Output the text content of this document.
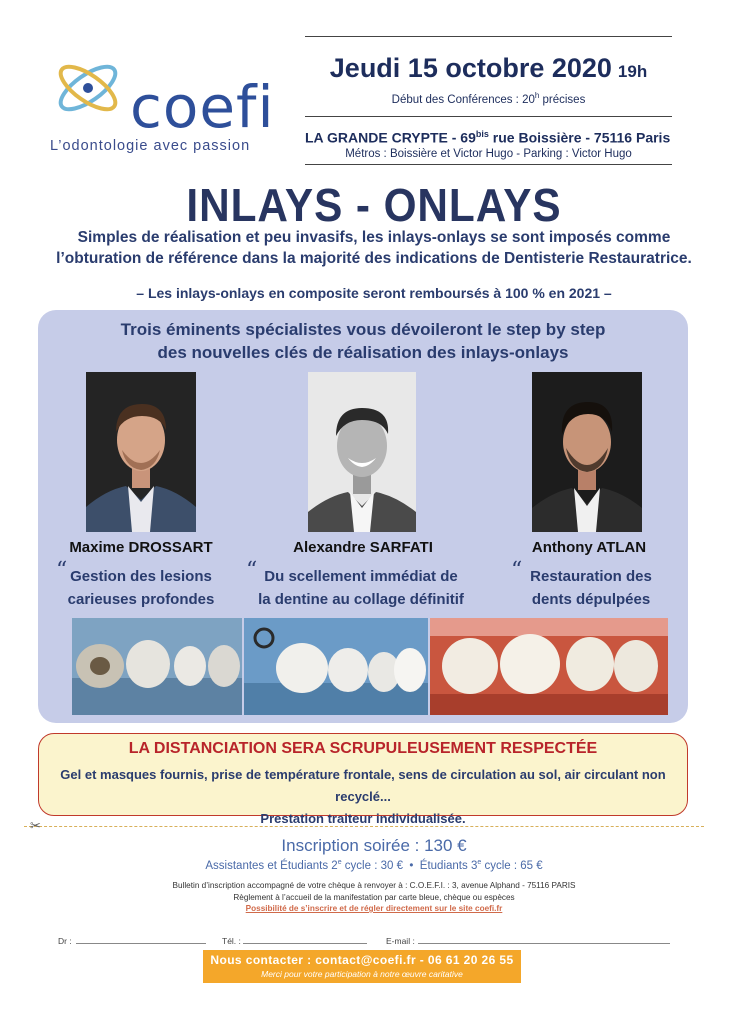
coefi
L’odontologie avec passion
Jeudi 15 octobre 2020 19h
Début des Conférences : 20$^h$ précises
LA GRANDE CRYPTE - $69^{bis}$ rue Boissière - 75116 Paris
Métros : Boissière et Victor Hugo - Parking : Victor Hugo
INLAYS - ONLAYS
Simples de réalisation et peu invasifs, les inlays-onlays se sont imposés comme l’obturation de référence dans la majorité des indications de Dentisterie Restauratrice.
– Les inlays-onlays en composite seront remboursés à 100 % en 2021 –
Trois éminents spécialistes vous dévoileront le step by step
des nouvelles clés de réalisation des inlays-onlays
Maxime DROSSART	Alexandre SARFATI	Anthony ATLAN
“	“	“
Gestion des lesions
carieuses profondes
Du scellement immédiat de
la dentine au collage définitif
Restauration des
dents dépulpées
LA DISTANCIATION SERA SCRUPULEUSEMENT RESPECTÉE
Gel et masques fournis, prise de température frontale, sens de circulation au sol, air circulant non recyclé...
Prestation traiteur individualisée.
✂
Inscription soirée : 130 €
Assistantes et Étudiants 2e cycle : 30 € • Étudiants 3e cycle : 65 €
Bulletin d’inscription accompagné de votre chèque à renvoyer à : C.O.E.F.I. : 3, avenue Alphand - 75116 PARIS
Règlement à l’accueil de la manifestation par carte bleue, chèque ou espèces
Possibilité de s’inscrire et de régler directement sur le site coefi.fr
Dr :	Tél. :	E-mail :
Nous contacter : contact@coefi.fr - 06 61 20 26 55
Merci pour votre participation à notre œuvre caritative
